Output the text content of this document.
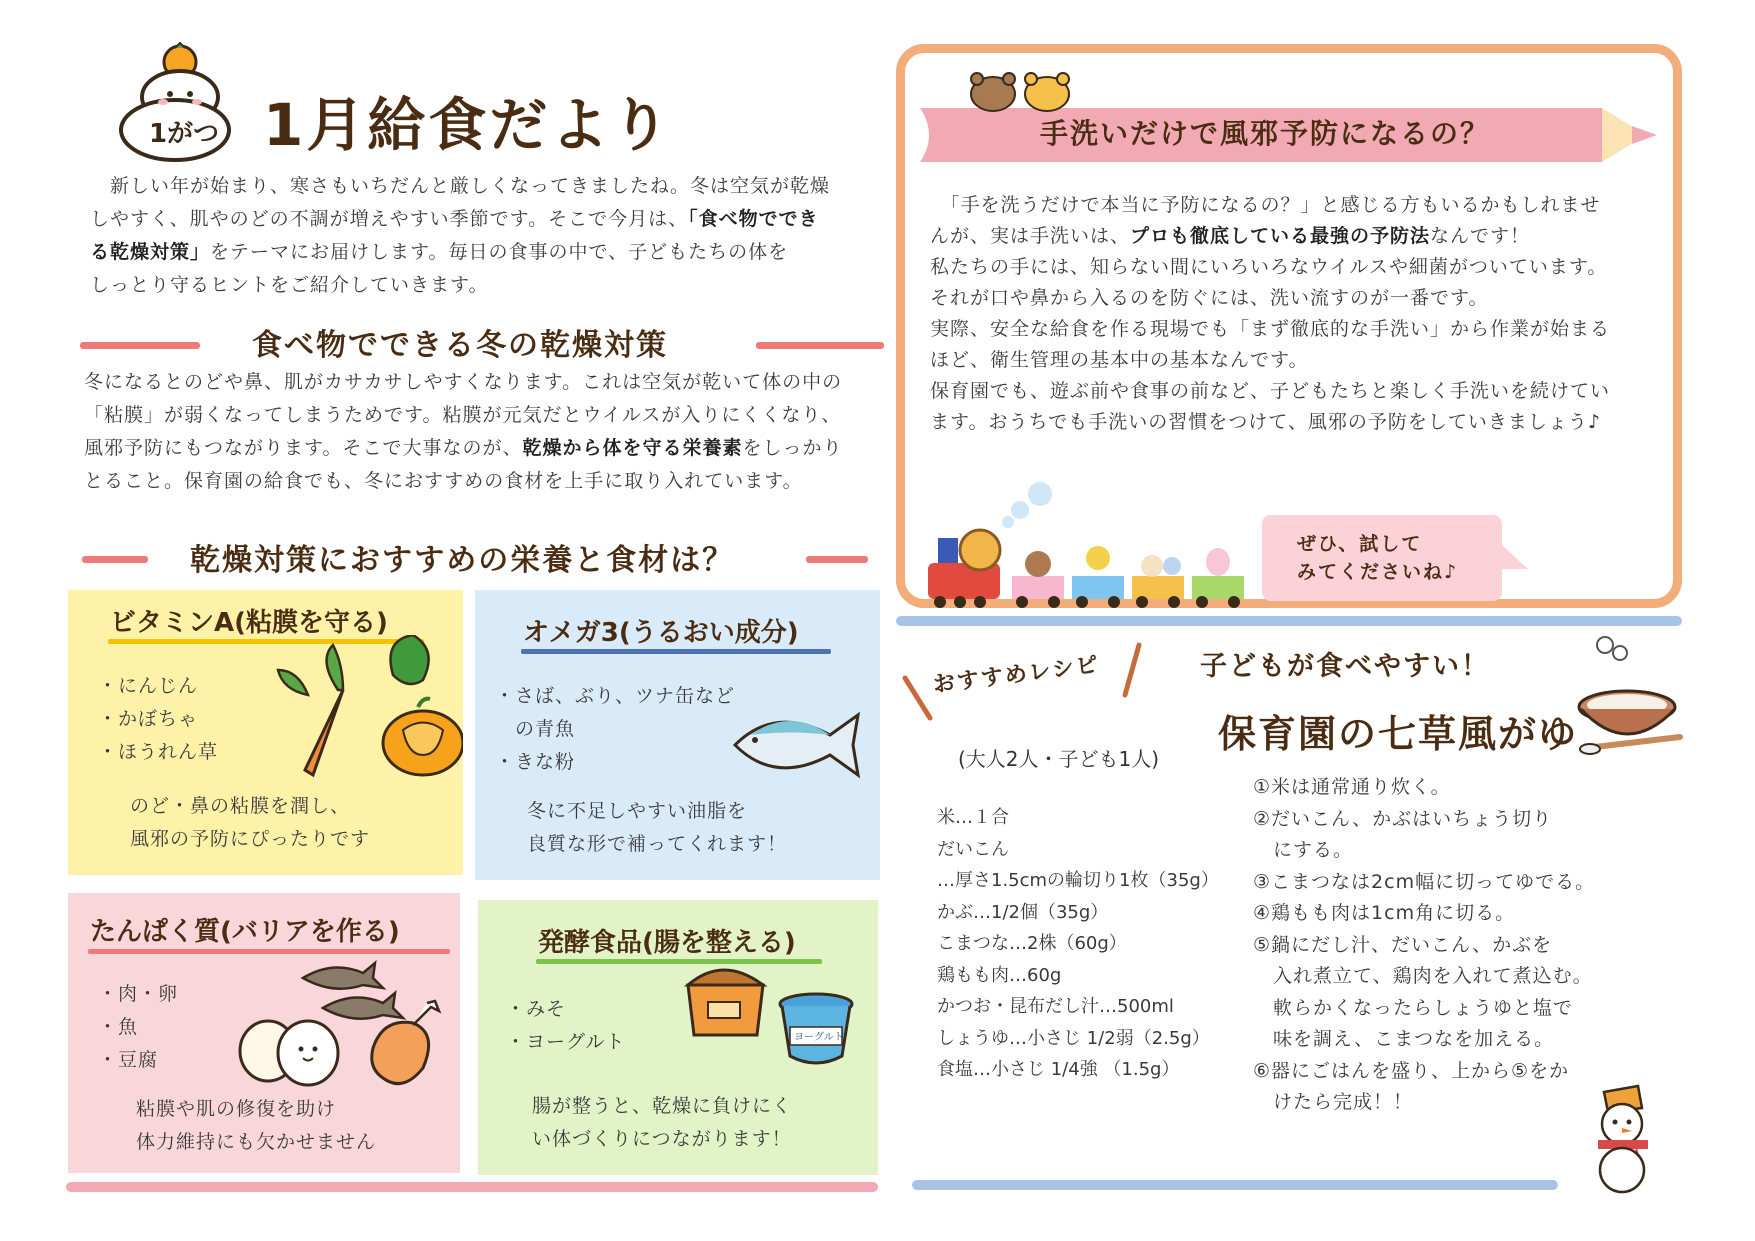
1がつ 1月給食だより

　新しい年が始まり、寒さもいちだんと厳しくなってきましたね。冬は空気が乾燥

しやすく、肌やのどの不調が増えやすい季節です。そこで今月は、「食べ物ででき

る乾燥対策」をテーマにお届けします。毎日の食事の中で、子どもたちの体を

しっとり守るヒントをご紹介していきます。

食べ物でできる冬の乾燥対策

冬になるとのどや鼻、肌がカサカサしやすくなります。これは空気が乾いて体の中の

「粘膜」が弱くなってしまうためです。粘膜が元気だとウイルスが入りにくくなり、

風邪予防にもつながります。そこで大事なのが、乾燥から体を守る栄養素をしっかり

とること。保育園の給食でも、冬におすすめの食材を上手に取り入れています。

乾燥対策におすすめの栄養と食材は？
ビタミンA(粘膜を守る)
・にんじん
・かぼちゃ
・ほうれん草
のど・鼻の粘膜を潤し、
風邪の予防にぴったりです
オメガ3(うるおい成分)
・さば、ぶり、ツナ缶など
　の青魚
・きな粉
冬に不足しやすい油脂を
良質な形で補ってくれます！
たんぱく質(バリアを作る)
・肉・卵
・魚
・豆腐
粘膜や肌の修復を助け
体力維持にも欠かせません
発酵食品(腸を整える)
・みそ
・ヨーグルト
腸が整うと、乾燥に負けにく
い体づくりにつながります！
ヨーグルト
手洗いだけで風邪予防になるの？

　「手を洗うだけで本当に予防になるの？」と感じる方もいるかもしれませ

んが、実は手洗いは、プロも徹底している最強の予防法なんです！

私たちの手には、知らない間にいろいろなウイルスや細菌がついています。

それが口や鼻から入るのを防ぐには、洗い流すのが一番です。

実際、安全な給食を作る現場でも「まず徹底的な手洗い」から作業が始まる

ほど、衛生管理の基本中の基本なんです。

保育園でも、遊ぶ前や食事の前など、子どもたちと楽しく手洗いを続けてい

ます。おうちでも手洗いの習慣をつけて、風邪の予防をしていきましょう♪

ぜひ、試して
みてくださいね♪
おすすめレシピ	子どもが食べやすい！
保育園の七草風がゆ
(大人2人・子ども1人)
米…１合
だいこん
…厚さ1.5cmの輪切り1枚（35g）
かぶ…1/2個（35g）
こまつな…2株（60g）
鶏もも肉…60g
かつお・昆布だし汁…500ml
しょうゆ…小さじ 1/2弱（2.5g）
食塩…小さじ 1/4強 （1.5g）
①米は通常通り炊く。
②だいこん、かぶはいちょう切り
　にする。
③こまつなは2cm幅に切ってゆでる。
④鶏もも肉は1cm角に切る。
⑤鍋にだし汁、だいこん、かぶを
　入れ煮立て、鶏肉を入れて煮込む。
　軟らかくなったらしょうゆと塩で
　味を調え、こまつなを加える。
⑥器にごはんを盛り、上から⑤をか
　けたら完成！！
